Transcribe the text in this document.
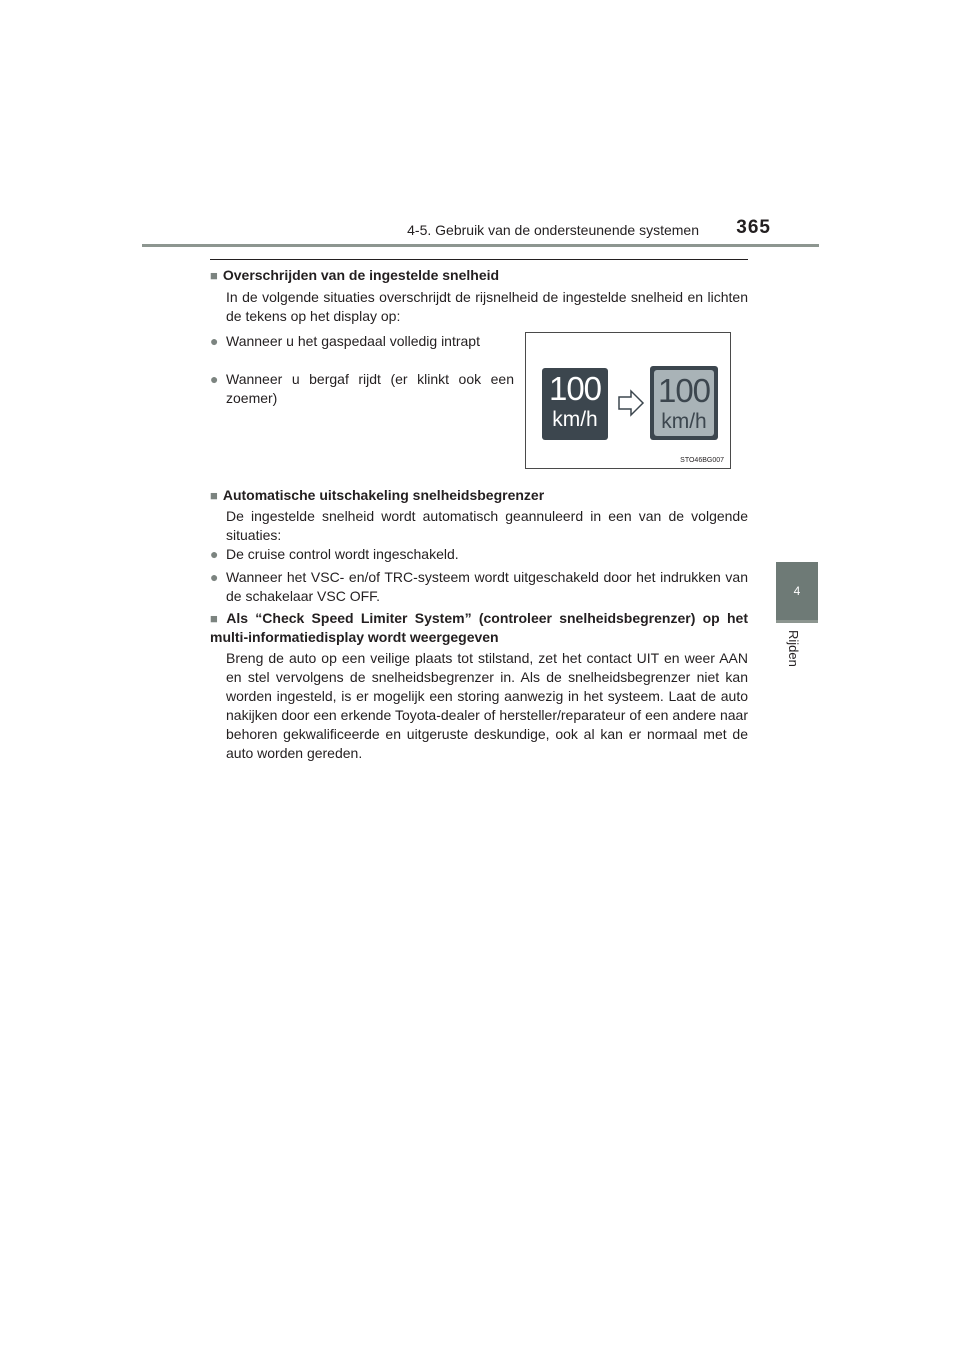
4-5. Gebruik van de ondersteunende systemen 365
4
Rijden
■ Overschrijden van de ingestelde snelheid
In de volgende situaties overschrijdt de rijsnelheid de ingestelde snelheid en lichten de tekens op het display op:
● Wanneer u het gaspedaal volledig intrapt
● Wanneer u bergaf rijdt (er klinkt ook een zoemer)	100
km/h
100
km/h
STO46BG007
■ Automatische uitschakeling snelheidsbegrenzer
De ingestelde snelheid wordt automatisch geannuleerd in een van de volgende situaties:
● De cruise control wordt ingeschakeld.
● Wanneer het VSC- en/of TRC-systeem wordt uitgeschakeld door het indrukken van de schakelaar VSC OFF.
■ Als “Check Speed Limiter System” (controleer snelheidsbegrenzer) op het multi-informatiedisplay wordt weergegeven
Breng de auto op een veilige plaats tot stilstand, zet het contact UIT en weer AAN en stel vervolgens de snelheidsbegrenzer in. Als de snelheidsbegrenzer niet kan worden ingesteld, is er mogelijk een storing aanwezig in het systeem. Laat de auto nakijken door een erkende Toyota-dealer of hersteller/reparateur of een andere naar behoren gekwalificeerde en uitgeruste deskundige, ook al kan er normaal met de auto worden gereden.
